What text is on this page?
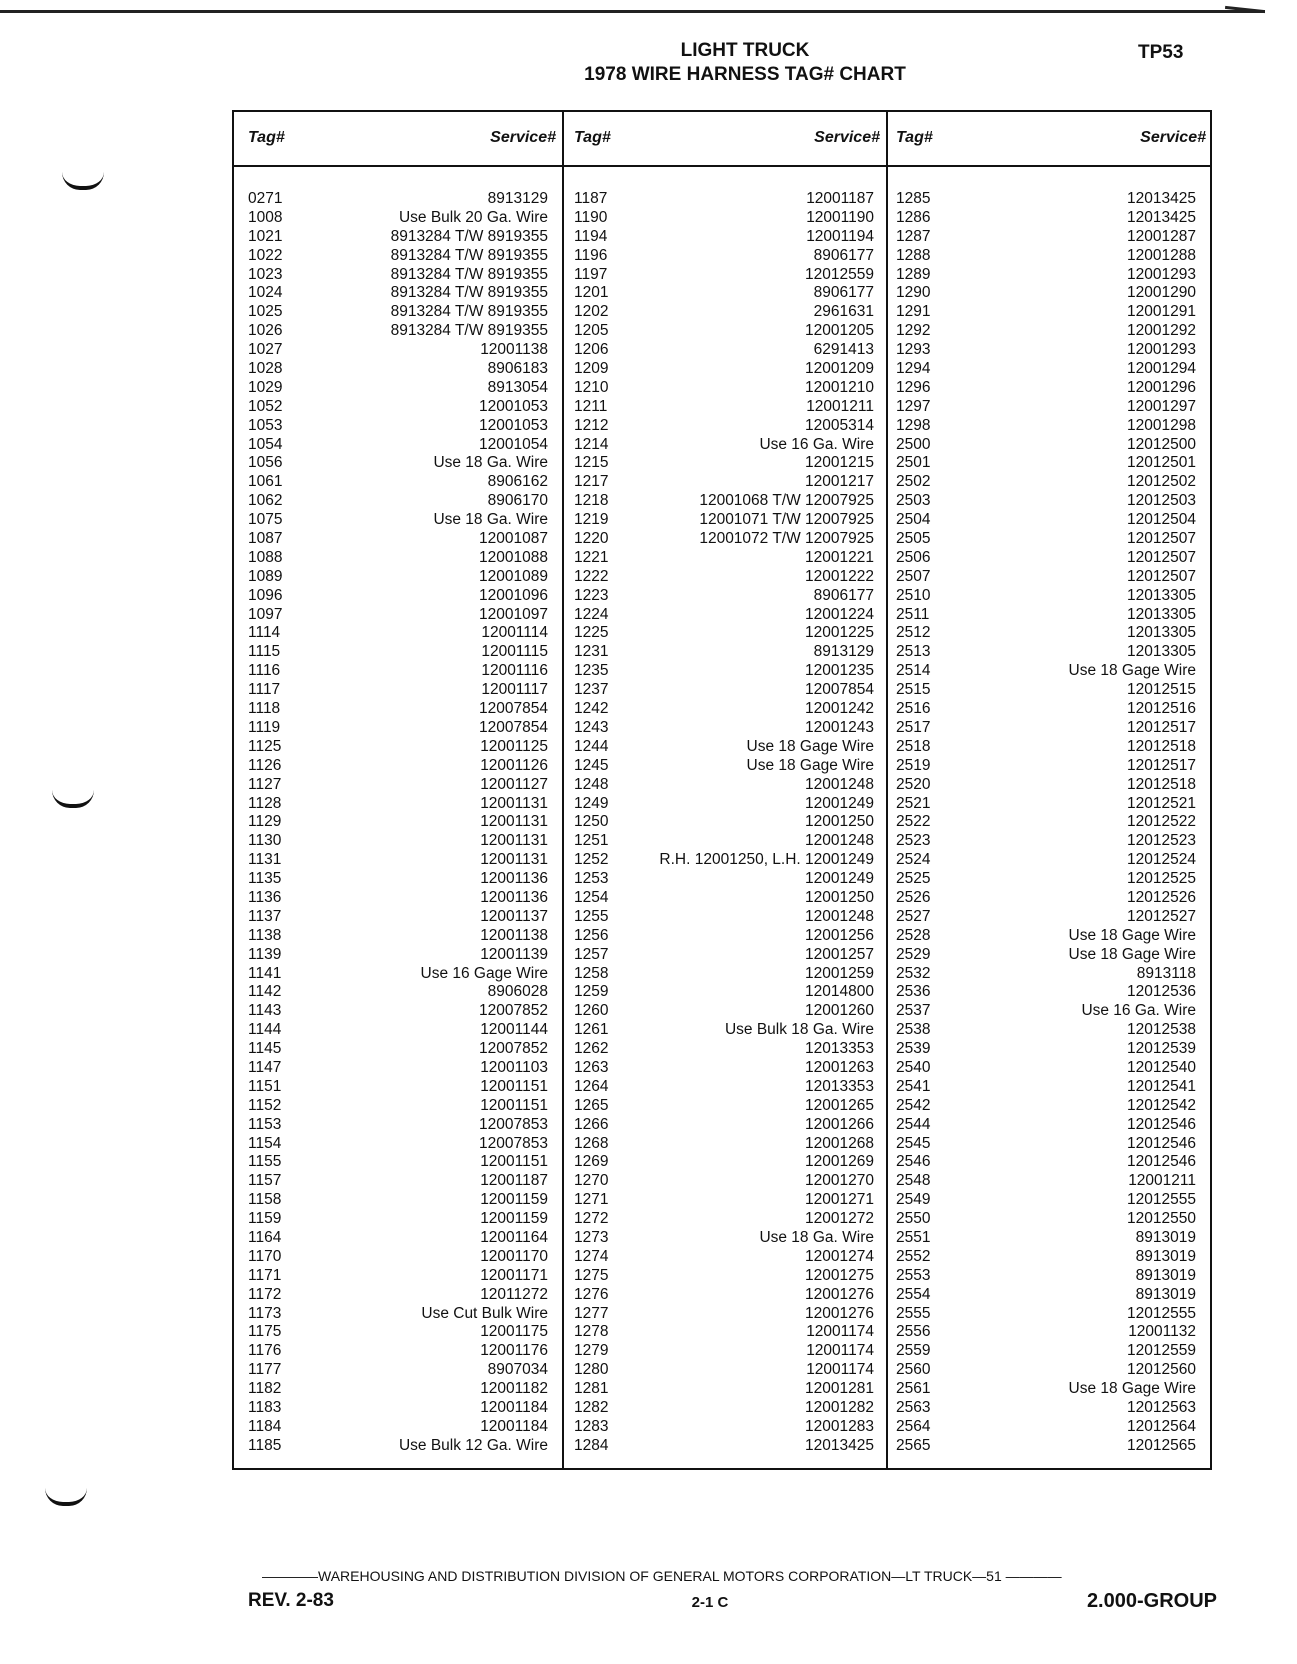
LIGHT TRUCK
1978 WIRE HARNESS TAG# CHART
TP53
Tag#	Service# Tag#	Service# Tag#	Service#
0271	8913129
1008	Use Bulk 20 Ga. Wire
1021	8913284 T/W 8919355
1022	8913284 T/W 8919355
1023	8913284 T/W 8919355
1024	8913284 T/W 8919355
1025	8913284 T/W 8919355
1026	8913284 T/W 8919355
1027	12001138
1028	8906183
1029	8913054
1052	12001053
1053	12001053
1054	12001054
1056	Use 18 Ga. Wire
1061	8906162
1062	8906170
1075	Use 18 Ga. Wire
1087	12001087
1088	12001088
1089	12001089
1096	12001096
1097	12001097
1114	12001114
1115	12001115
1116	12001116
1117	12001117
1118	12007854
1119	12007854
1125	12001125
1126	12001126
1127	12001127
1128	12001131
1129	12001131
1130	12001131
1131	12001131
1135	12001136
1136	12001136
1137	12001137
1138	12001138
1139	12001139
1141	Use 16 Gage Wire
1142	8906028
1143	12007852
1144	12001144
1145	12007852
1147	12001103
1151	12001151
1152	12001151
1153	12007853
1154	12007853
1155	12001151
1157	12001187
1158	12001159
1159	12001159
1164	12001164
1170	12001170
1171	12001171
1172	12011272
1173	Use Cut Bulk Wire
1175	12001175
1176	12001176
1177	8907034
1182	12001182
1183	12001184
1184	12001184
1185	Use Bulk 12 Ga. Wire
1187	12001187
1190	12001190
1194	12001194
1196	8906177
1197	12012559
1201	8906177
1202	2961631
1205	12001205
1206	6291413
1209	12001209
1210	12001210
1211	12001211
1212	12005314
1214	Use 16 Ga. Wire
1215	12001215
1217	12001217
1218	12001068 T/W 12007925
1219	12001071 T/W 12007925
1220	12001072 T/W 12007925
1221	12001221
1222	12001222
1223	8906177
1224	12001224
1225	12001225
1231	8913129
1235	12001235
1237	12007854
1242	12001242
1243	12001243
1244	Use 18 Gage Wire
1245	Use 18 Gage Wire
1248	12001248
1249	12001249
1250	12001250
1251	12001248
1252	R.H. 12001250, L.H. 12001249
1253	12001249
1254	12001250
1255	12001248
1256	12001256
1257	12001257
1258	12001259
1259	12014800
1260	12001260
1261	Use Bulk 18 Ga. Wire
1262	12013353
1263	12001263
1264	12013353
1265	12001265
1266	12001266
1268	12001268
1269	12001269
1270	12001270
1271	12001271
1272	12001272
1273	Use 18 Ga. Wire
1274	12001274
1275	12001275
1276	12001276
1277	12001276
1278	12001174
1279	12001174
1280	12001174
1281	12001281
1282	12001282
1283	12001283
1284	12013425
1285	12013425
1286	12013425
1287	12001287
1288	12001288
1289	12001293
1290	12001290
1291	12001291
1292	12001292
1293	12001293
1294	12001294
1296	12001296
1297	12001297
1298	12001298
2500	12012500
2501	12012501
2502	12012502
2503	12012503
2504	12012504
2505	12012507
2506	12012507
2507	12012507
2510	12013305
2511	12013305
2512	12013305
2513	12013305
2514	Use 18 Gage Wire
2515	12012515
2516	12012516
2517	12012517
2518	12012518
2519	12012517
2520	12012518
2521	12012521
2522	12012522
2523	12012523
2524	12012524
2525	12012525
2526	12012526
2527	12012527
2528	Use 18 Gage Wire
2529	Use 18 Gage Wire
2532	8913118
2536	12012536
2537	Use 16 Ga. Wire
2538	12012538
2539	12012539
2540	12012540
2541	12012541
2542	12012542
2544	12012546
2545	12012546
2546	12012546
2548	12001211
2549	12012555
2550	12012550
2551	8913019
2552	8913019
2553	8913019
2554	8913019
2555	12012555
2556	12001132
2559	12012559
2560	12012560
2561	Use 18 Gage Wire
2563	12012563
2564	12012564
2565	12012565
————WAREHOUSING AND DISTRIBUTION DIVISION OF GENERAL MOTORS CORPORATION—LT TRUCK—51 ————
REV. 2-83	2-1 C	2.000-GROUP
